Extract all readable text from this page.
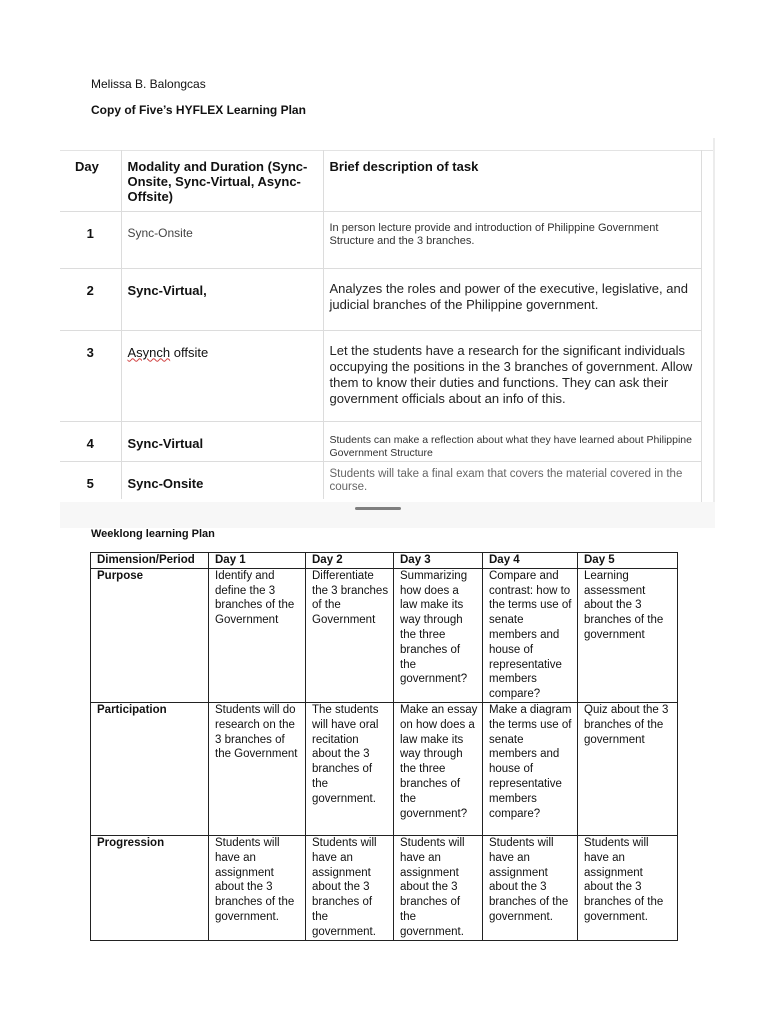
Melissa B. Balongcas
Copy of Five’s HYFLEX Learning Plan
Day	Modality and Duration (Sync-Onsite, Sync-Virtual, Async-Offsite)	Brief description of task
1	Sync-Onsite	In person lecture provide and introduction of Philippine Government Structure and the 3 branches.
2	Sync-Virtual,	Analyzes the roles and power of the executive, legislative, and judicial branches of the Philippine government.
3	Asynch offsite	Let the students have a research for the significant individuals occupying the positions in the 3 branches of government. Allow them to know their duties and functions. They can ask their government officials about an info of this.
4	Sync-Virtual	Students can make a reflection about what they have learned about Philippine Government Structure
5	Sync-Onsite	Students will take a final exam that covers the material covered in the course.
Weeklong learning Plan
Dimension/Period	Day 1	Day 2	Day 3	Day 4	Day 5
Purpose	Identify and define the 3 branches of the Government	Differentiate the 3 branches of the Government	Summarizing how does a law make its way through the three branches of the government?	Compare and contrast: how to the terms use of senate members and house of representative members compare?	Learning assessment about the 3 branches of the government
Participation	Students will do research on the 3 branches of the Government	The students will have oral recitation about the 3 branches of the government.	Make an essay on how does a law make its way through the three branches of the government?	Make a diagram the terms use of senate members and house of representative members compare?	Quiz about the 3 branches of the government
Progression	Students will have an assignment about the 3 branches of the government.	Students will have an assignment about the 3 branches of the government.	Students will have an assignment about the 3 branches of the government.	Students will have an assignment about the 3 branches of the government.	Students will have an assignment about the 3 branches of the government.
